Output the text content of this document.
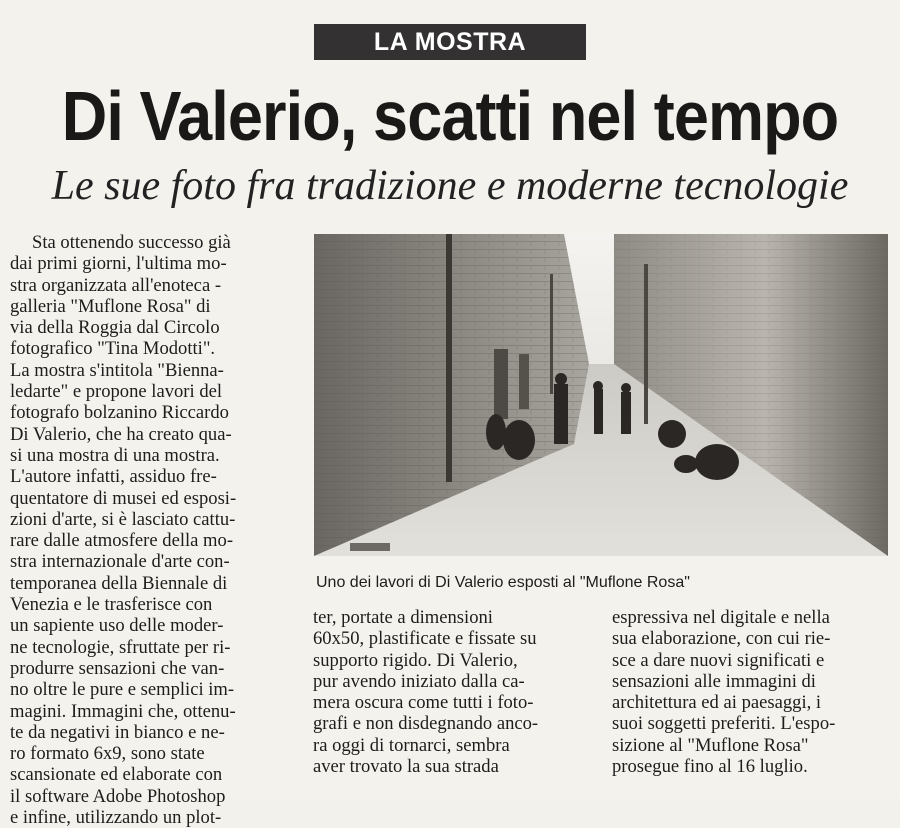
LA MOSTRA
Di Valerio, scatti nel tempo
Le sue foto fra tradizione e moderne tecnologie
Sta ottenendo successo già
dai primi giorni, l'ultima mo-
stra organizzata all'enoteca -
galleria "Muflone Rosa" di
via della Roggia dal Circolo
fotografico "Tina Modotti".
La mostra s'intitola "Bienna-
ledarte" e propone lavori del
fotografo bolzanino Riccardo
Di Valerio, che ha creato qua-
si una mostra di una mostra.
L'autore infatti, assiduo fre-
quentatore di musei ed esposi-
zioni d'arte, si è lasciato cattu-
rare dalle atmosfere della mo-
stra internazionale d'arte con-
temporanea della Biennale di
Venezia e le trasferisce con
un sapiente uso delle moder-
ne tecnologie, sfruttate per ri-
produrre sensazioni che van-
no oltre le pure e semplici im-
magini. Immagini che, ottenu-
te da negativi in bianco e ne-
ro formato 6x9, sono state
scansionate ed elaborate con
il software Adobe Photoshop
e infine, utilizzando un plot-
Uno dei lavori di Di Valerio esposti al "Muflone Rosa"
ter, portate a dimensioni
60x50, plastificate e fissate su
supporto rigido. Di Valerio,
pur avendo iniziato dalla ca-
mera oscura come tutti i foto-
grafi e non disdegnando anco-
ra oggi di tornarci, sembra
aver trovato la sua strada
espressiva nel digitale e nella
sua elaborazione, con cui rie-
sce a dare nuovi significati e
sensazioni alle immagini di
architettura ed ai paesaggi, i
suoi soggetti preferiti. L'espo-
sizione al "Muflone Rosa"
prosegue fino al 16 luglio.
